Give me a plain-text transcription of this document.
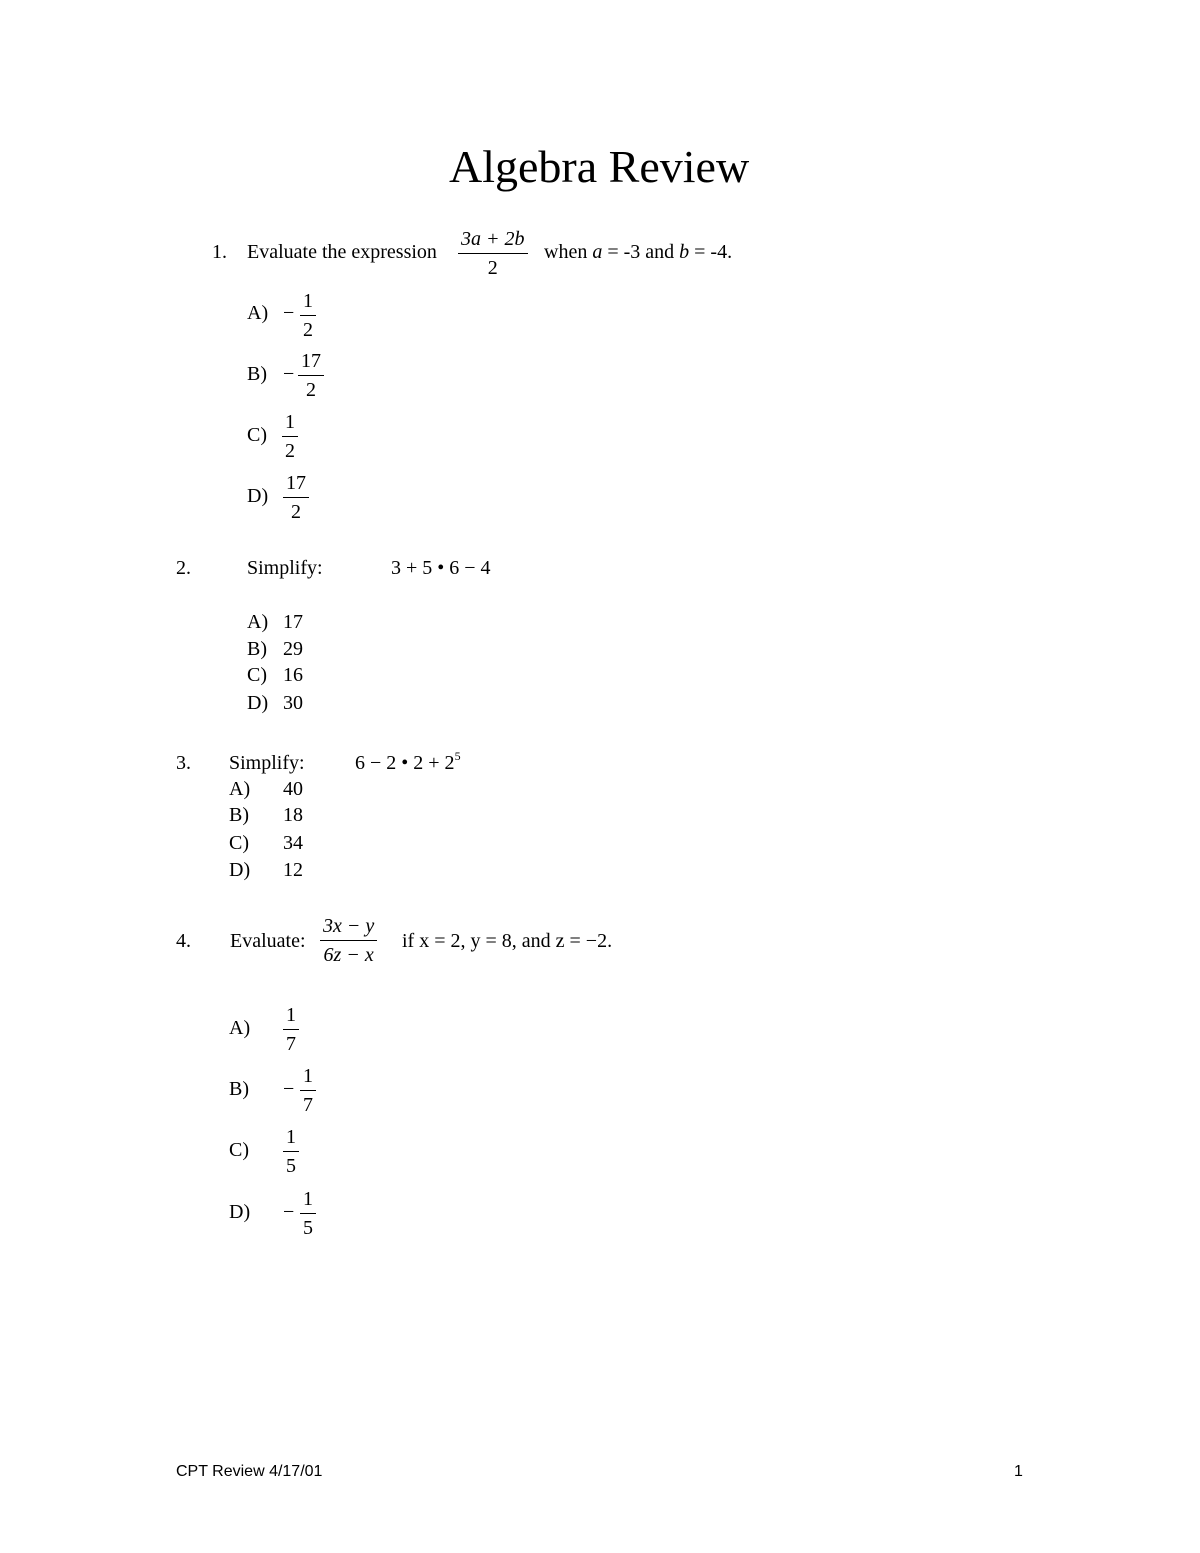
Algebra Review
1. Evaluate the expression $\frac{3a + 2b}{2}$ when a = -3 and b = -4.
$A) - \frac{1}{2}$
$B) - \frac{17}{2}$
$C) \frac{1}{2}$
$D) \frac{17}{2}$
2.	Simplify:	3 + 5 • 6 − 4
A) 17
B) 29
C) 16
D) 30
3. Simplify:	6 − 2 • $2 + 2^5$
A) 40
B) 18
C) 34
D) 12
4. Evaluate: $\frac{3x - y}{6z - x}$ if x = 2, y = 8, and z = −2.
$A) \frac{1}{7}$
$B) - \frac{1}{7}$
$C) \frac{1}{5}$
$D) - \frac{1}{5}$
CPT Review 4/17/01	1
